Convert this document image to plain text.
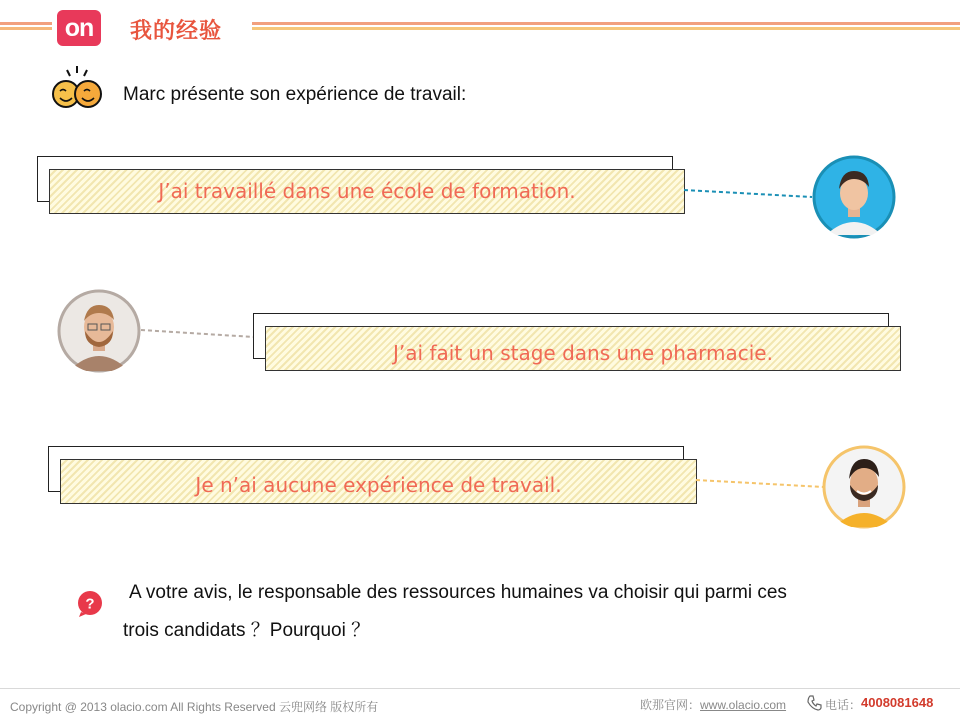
on	我的经验
Marc présente son expérience de travail:
J’ai travaillé dans une école de formation.
J’ai fait un stage dans une pharmacie.
Je n’ai aucune expérience de travail.
?
A votre avis, le responsable des ressources humaines va choisir qui parmi ces
trois candidats ？Pourquoi ？
Copyright @ 2013 olacio.com All Rights Reserved 云兜网络 版权所有	欧那官网：www.olacio.com	电话： 4008081648
